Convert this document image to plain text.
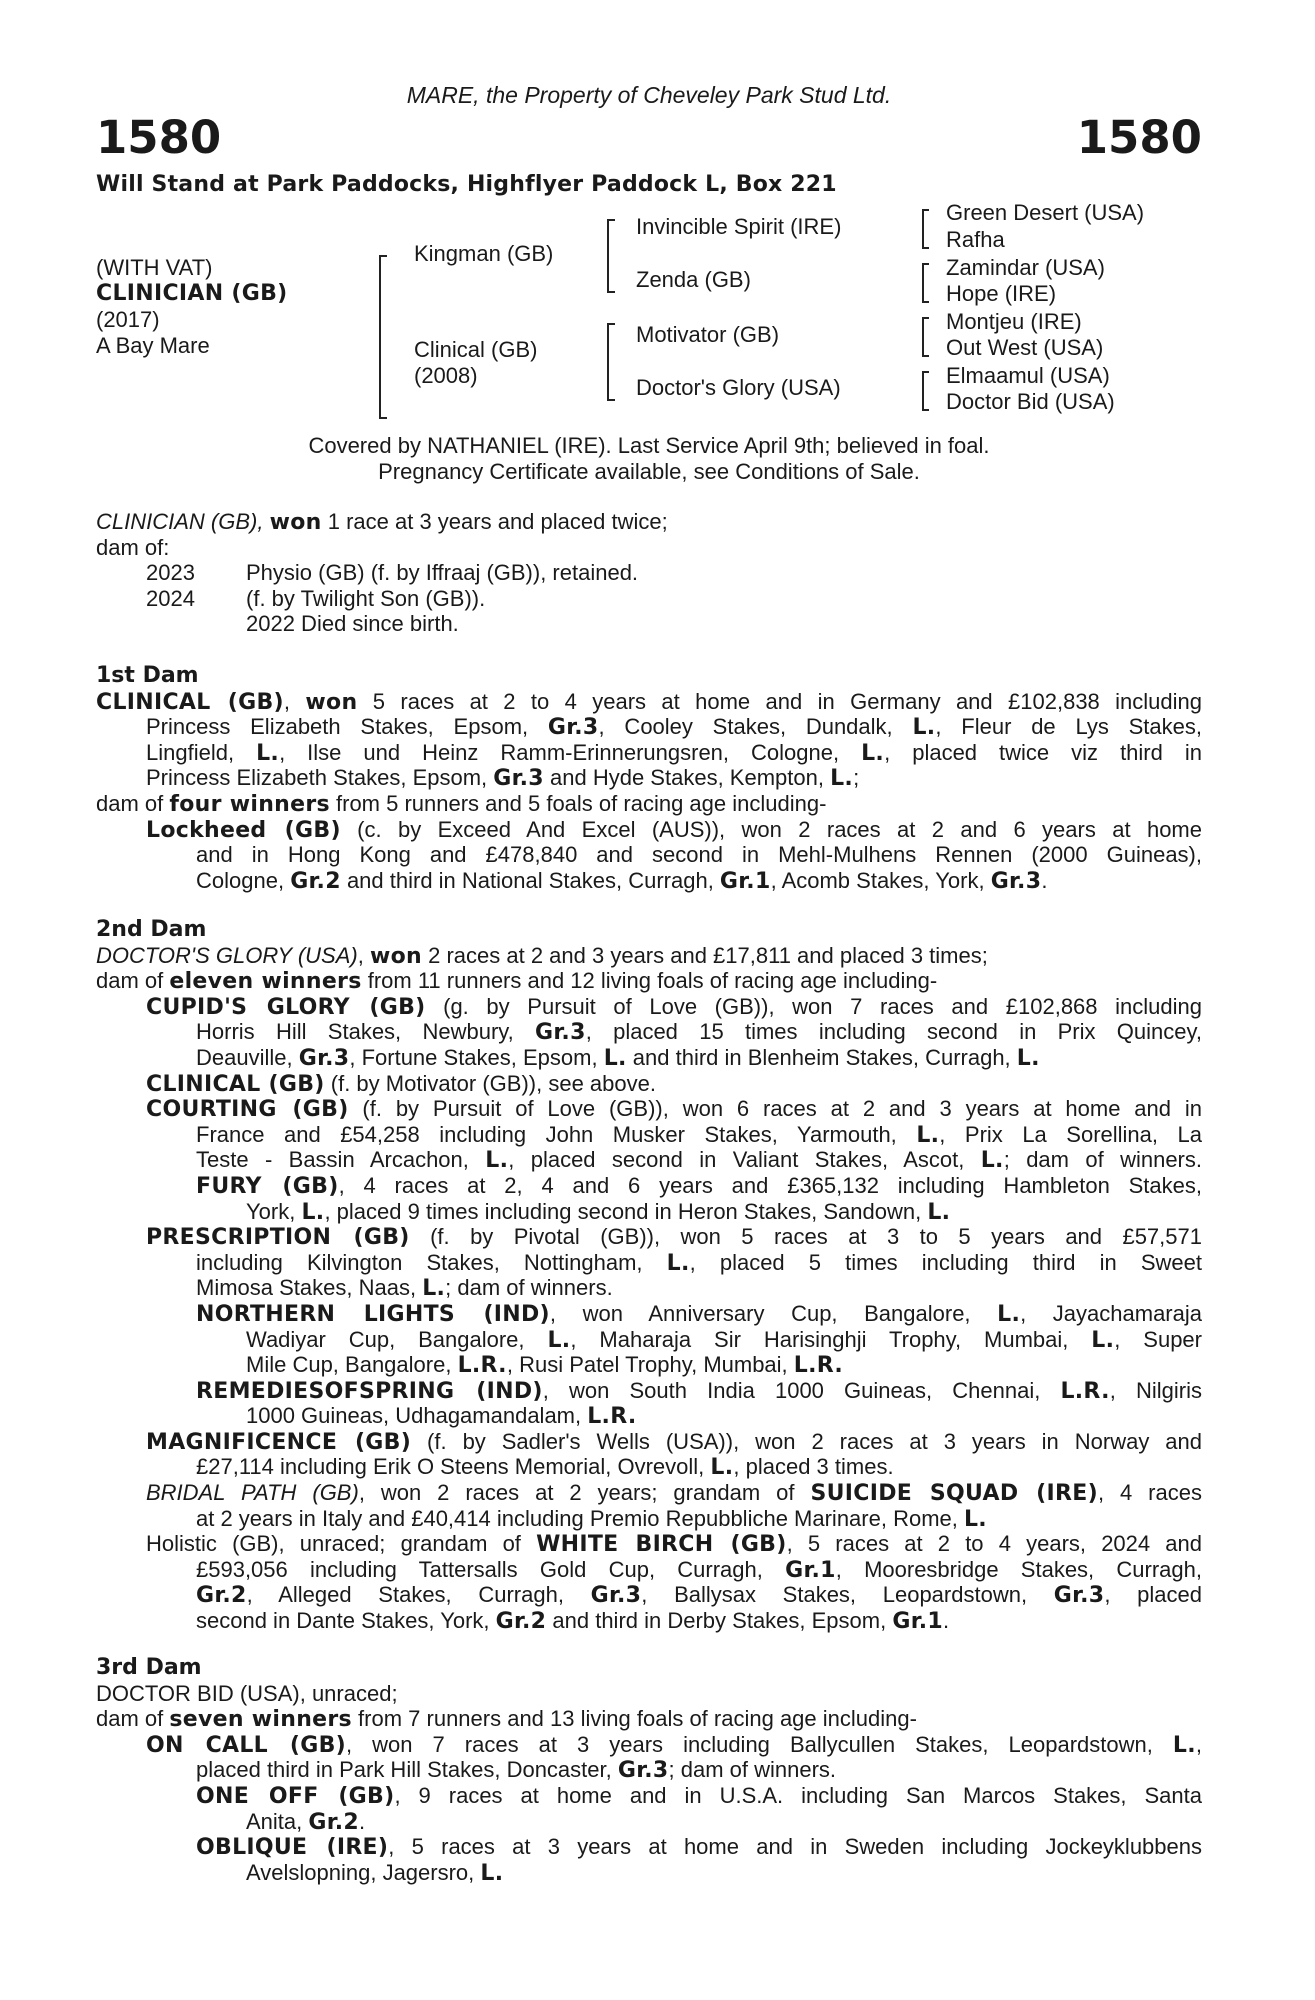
MARE, the Property of Cheveley Park Stud Ltd.
1580	1580
Will Stand at Park Paddocks, Highflyer Paddock L, Box 221
(WITH VAT)
CLINICIAN (GB)
(2017)
A Bay Mare
Kingman (GB)
Clinical (GB)
(2008)
Invincible Spirit (IRE)
Zenda (GB)
Motivator (GB)
Doctor's Glory (USA)
Green Desert (USA)
Rafha
Zamindar (USA)
Hope (IRE)
Montjeu (IRE)
Out West (USA)
Elmaamul (USA)
Doctor Bid (USA)
Covered by NATHANIEL (IRE). Last Service April 9th; believed in foal.
Pregnancy Certificate available, see Conditions of Sale.
CLINICIAN (GB), won 1 race at 3 years and placed twice;
dam of:
2023 Physio (GB) (f. by Iffraaj (GB)), retained.
2024 (f. by Twilight Son (GB)).
2022 Died since birth.
1st Dam
CLINICAL (GB), won 5 races at 2 to 4 years at home and in Germany and £102,838 including
Princess Elizabeth Stakes, Epsom, Gr.3, Cooley Stakes, Dundalk, L., Fleur de Lys Stakes,
Lingfield, L., Ilse und Heinz Ramm-Erinnerungsren, Cologne, L., placed twice viz third in
Princess Elizabeth Stakes, Epsom, Gr.3 and Hyde Stakes, Kempton, L.;
dam of four winners from 5 runners and 5 foals of racing age including-
Lockheed (GB) (c. by Exceed And Excel (AUS)), won 2 races at 2 and 6 years at home
and in Hong Kong and £478,840 and second in Mehl-Mulhens Rennen (2000 Guineas),
Cologne, Gr.2 and third in National Stakes, Curragh, Gr.1, Acomb Stakes, York, Gr.3.
2nd Dam
DOCTOR'S GLORY (USA), won 2 races at 2 and 3 years and £17,811 and placed 3 times;
dam of eleven winners from 11 runners and 12 living foals of racing age including-
CUPID'S GLORY (GB) (g. by Pursuit of Love (GB)), won 7 races and £102,868 including
Horris Hill Stakes, Newbury, Gr.3, placed 15 times including second in Prix Quincey,
Deauville, Gr.3, Fortune Stakes, Epsom, L. and third in Blenheim Stakes, Curragh, L.
CLINICAL (GB) (f. by Motivator (GB)), see above.
COURTING (GB) (f. by Pursuit of Love (GB)), won 6 races at 2 and 3 years at home and in
France and £54,258 including John Musker Stakes, Yarmouth, L., Prix La Sorellina, La
Teste - Bassin Arcachon, L., placed second in Valiant Stakes, Ascot, L.; dam of winners.
FURY (GB), 4 races at 2, 4 and 6 years and £365,132 including Hambleton Stakes,
York, L., placed 9 times including second in Heron Stakes, Sandown, L.
PRESCRIPTION (GB) (f. by Pivotal (GB)), won 5 races at 3 to 5 years and £57,571
including Kilvington Stakes, Nottingham, L., placed 5 times including third in Sweet
Mimosa Stakes, Naas, L.; dam of winners.
NORTHERN LIGHTS (IND), won Anniversary Cup, Bangalore, L., Jayachamaraja
Wadiyar Cup, Bangalore, L., Maharaja Sir Harisinghji Trophy, Mumbai, L., Super
Mile Cup, Bangalore, L.R., Rusi Patel Trophy, Mumbai, L.R.
REMEDIESOFSPRING (IND), won South India 1000 Guineas, Chennai, L.R., Nilgiris
1000 Guineas, Udhagamandalam, L.R.
MAGNIFICENCE (GB) (f. by Sadler's Wells (USA)), won 2 races at 3 years in Norway and
£27,114 including Erik O Steens Memorial, Ovrevoll, L., placed 3 times.
BRIDAL PATH (GB), won 2 races at 2 years; grandam of SUICIDE SQUAD (IRE), 4 races
at 2 years in Italy and £40,414 including Premio Repubbliche Marinare, Rome, L.
Holistic (GB), unraced; grandam of WHITE BIRCH (GB), 5 races at 2 to 4 years, 2024 and
£593,056 including Tattersalls Gold Cup, Curragh, Gr.1, Mooresbridge Stakes, Curragh,
Gr.2, Alleged Stakes, Curragh, Gr.3, Ballysax Stakes, Leopardstown, Gr.3, placed
second in Dante Stakes, York, Gr.2 and third in Derby Stakes, Epsom, Gr.1.
3rd Dam
DOCTOR BID (USA), unraced;
dam of seven winners from 7 runners and 13 living foals of racing age including-
ON CALL (GB), won 7 races at 3 years including Ballycullen Stakes, Leopardstown, L.,
placed third in Park Hill Stakes, Doncaster, Gr.3; dam of winners.
ONE OFF (GB), 9 races at home and in U.S.A. including San Marcos Stakes, Santa
Anita, Gr.2.
OBLIQUE (IRE), 5 races at 3 years at home and in Sweden including Jockeyklubbens
Avelslopning, Jagersro, L.
